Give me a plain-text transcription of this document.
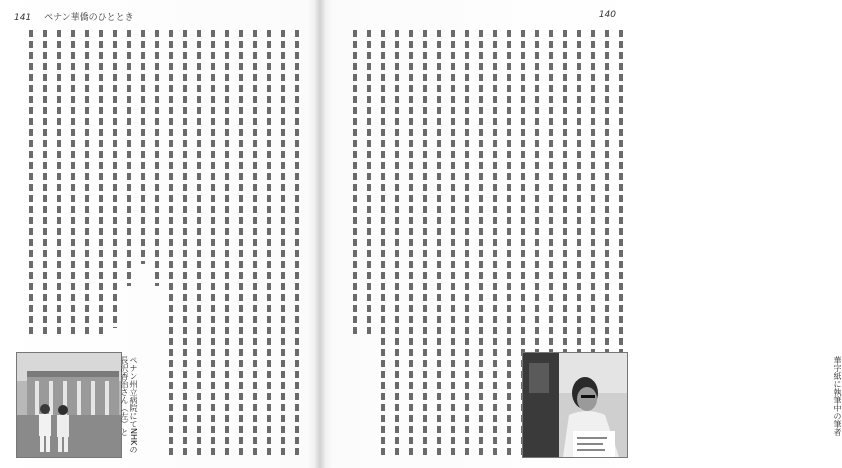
141 ペナン華僑のひととき
ペナン州立病院にてNHKの長沢香治さん（左）と
140
華字紙に執筆中の筆者
